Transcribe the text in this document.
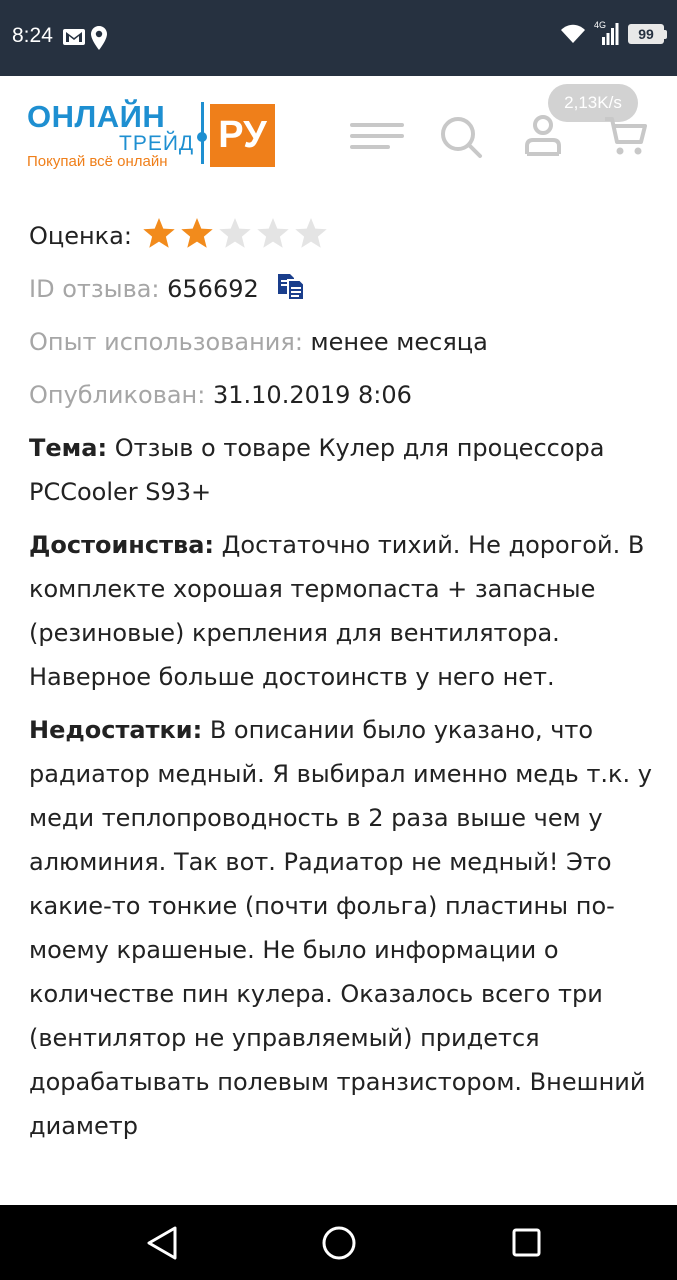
8:24	4G
99
ОНЛАЙН
ТРЕЙД
Покупай всё онлайн
РУ
2,13K/s
Оценка:
ID отзыва: 656692
Опыт использования: менее месяца
Опубликован: 31.10.2019 8:06

Тема: Отзыв о товаре Кулер для процессора PCCooler S93+

Достоинства: Достаточно тихий. Не дорогой. В комплекте хорошая термопаста + запасные (резиновые) крепления для вентилятора. Наверное больше достоинств у него нет.

Недостатки: В описании было указано, что радиатор медный. Я выбирал именно медь т.к. у меди теплопроводность в 2 раза выше чем у алюминия. Так вот. Радиатор не медный! Это какие-то тонкие (почти фольга) пластины по-моему крашеные. Не было информации о количестве пин кулера. Оказалось всего три (вентилятор не управляемый) придется дорабатывать полевым транзистором. Внешний диаметр
